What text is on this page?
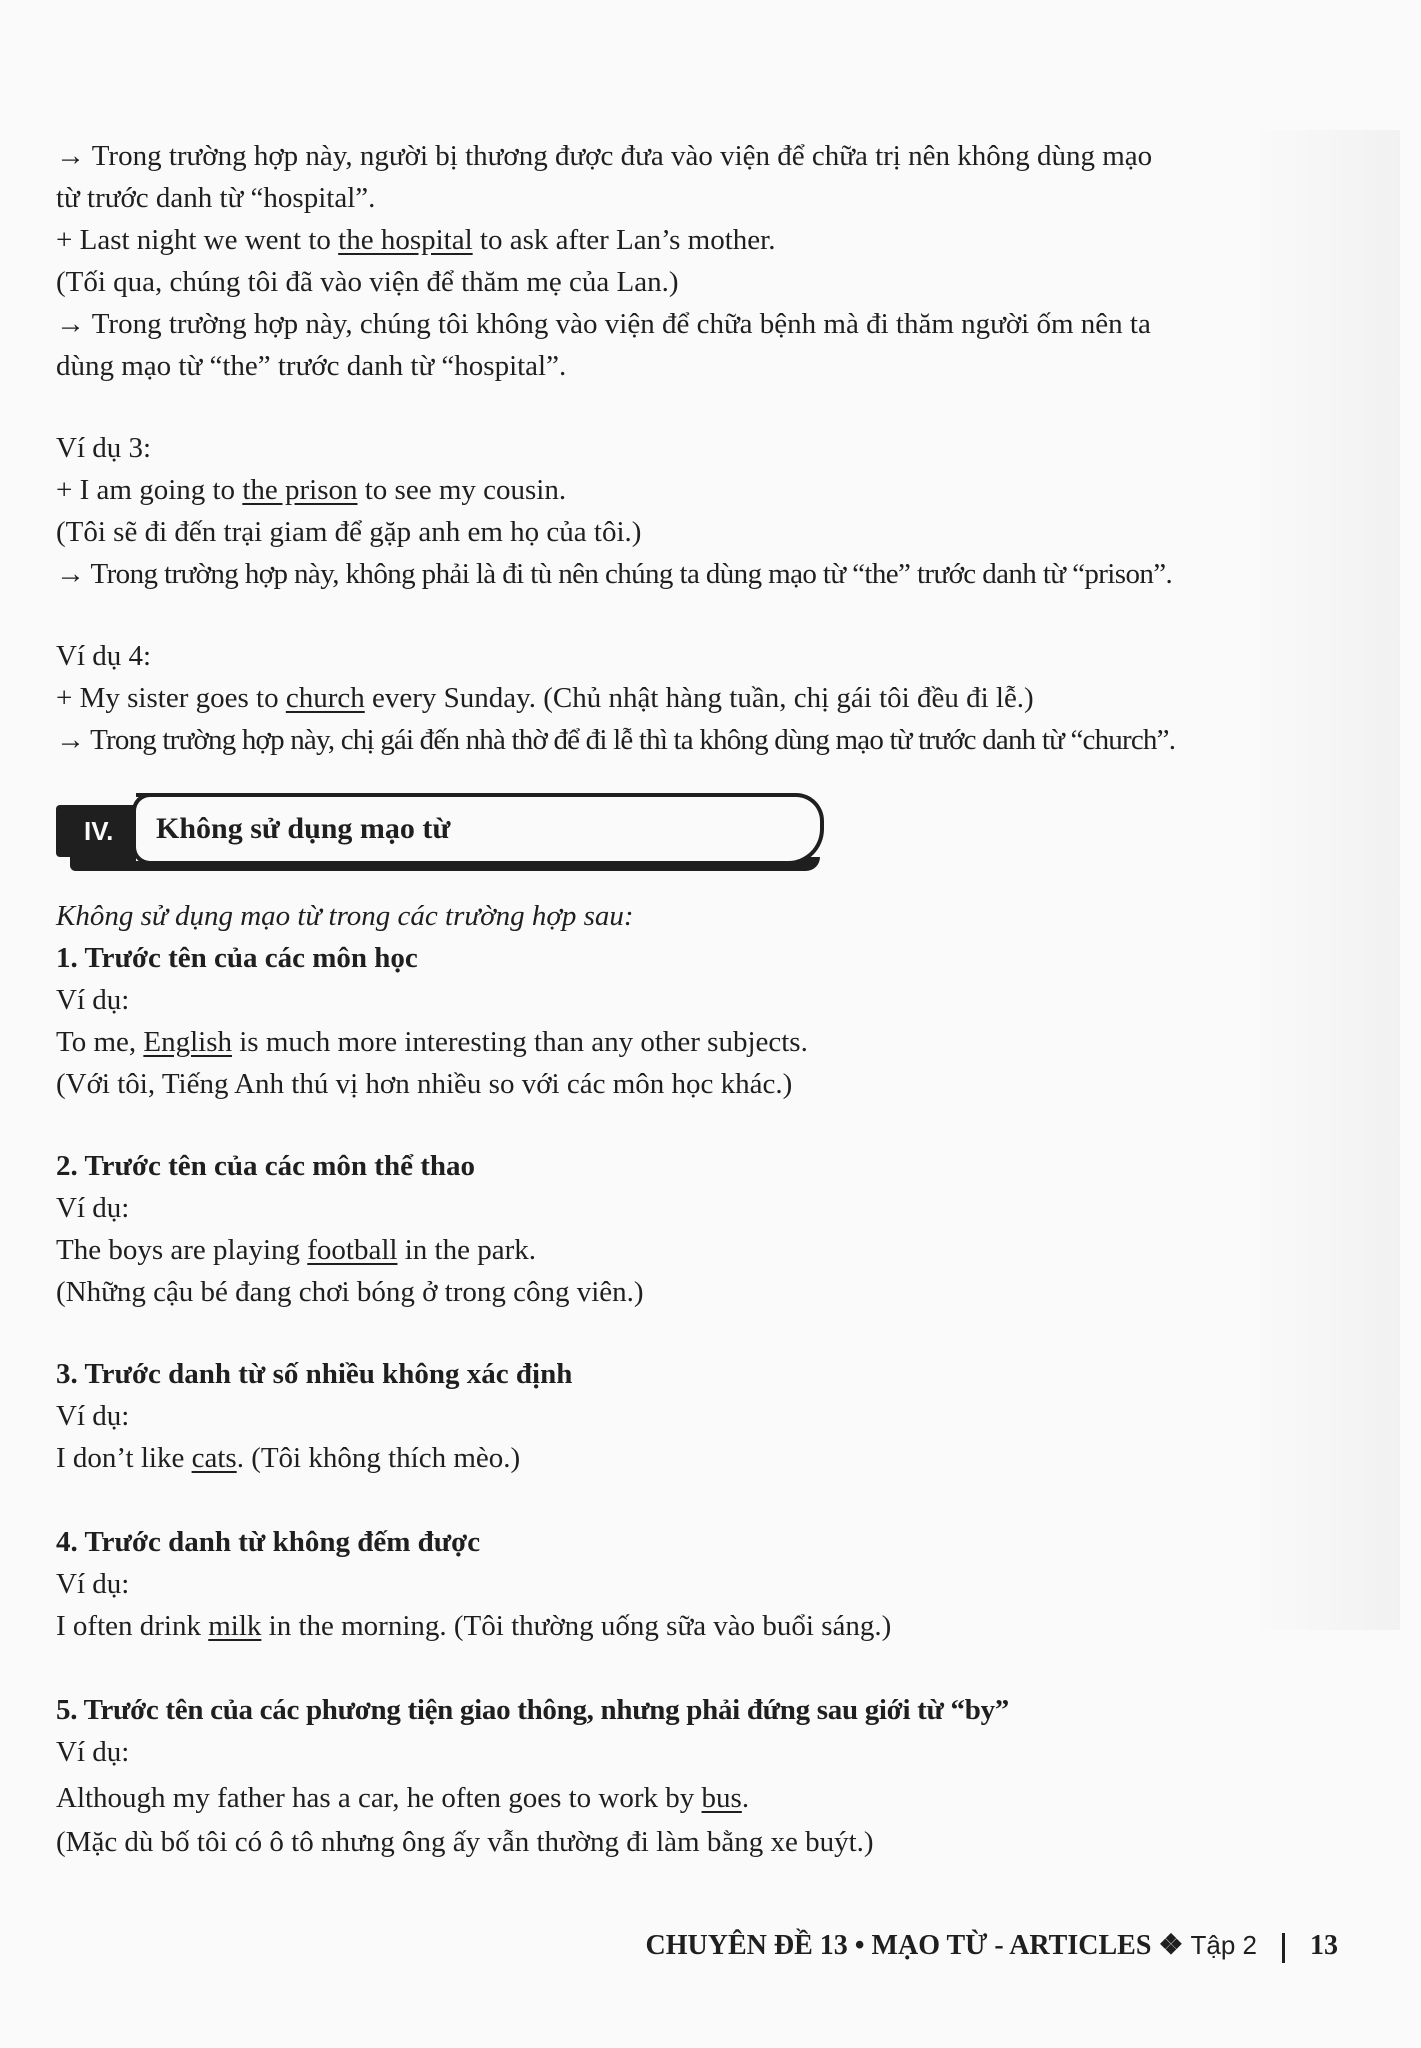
→ Trong trường hợp này, người bị thương được đưa vào viện để chữa trị nên không dùng mạo
từ trước danh từ “hospital”.
+ Last night we went to the hospital to ask after Lan’s mother.
(Tối qua, chúng tôi đã vào viện để thăm mẹ của Lan.)
→ Trong trường hợp này, chúng tôi không vào viện để chữa bệnh mà đi thăm người ốm nên ta
dùng mạo từ “the” trước danh từ “hospital”.
Ví dụ 3:
+ I am going to the prison to see my cousin.
(Tôi sẽ đi đến trại giam để gặp anh em họ của tôi.)
→ Trong trường hợp này, không phải là đi tù nên chúng ta dùng mạo từ “the” trước danh từ “prison”.
Ví dụ 4:
+ My sister goes to church every Sunday. (Chủ nhật hàng tuần, chị gái tôi đều đi lễ.)
→ Trong trường hợp này, chị gái đến nhà thờ để đi lễ thì ta không dùng mạo từ trước danh từ “church”.
IV.	Không sử dụng mạo từ
Không sử dụng mạo từ trong các trường hợp sau:
1. Trước tên của các môn học
Ví dụ:
To me, English is much more interesting than any other subjects.
(Với tôi, Tiếng Anh thú vị hơn nhiều so với các môn học khác.)
2. Trước tên của các môn thể thao
Ví dụ:
The boys are playing football in the park.
(Những cậu bé đang chơi bóng ở trong công viên.)
3. Trước danh từ số nhiều không xác định
Ví dụ:
I don’t like cats. (Tôi không thích mèo.)
4. Trước danh từ không đếm được
Ví dụ:
I often drink milk in the morning. (Tôi thường uống sữa vào buổi sáng.)
5. Trước tên của các phương tiện giao thông, nhưng phải đứng sau giới từ “by”
Ví dụ:
Although my father has a car, he often goes to work by bus.
(Mặc dù bố tôi có ô tô nhưng ông ấy vẫn thường đi làm bằng xe buýt.)
CHUYÊN ĐỀ 13 • MẠO TỪ - ARTICLES ❖ Tập 2 13
